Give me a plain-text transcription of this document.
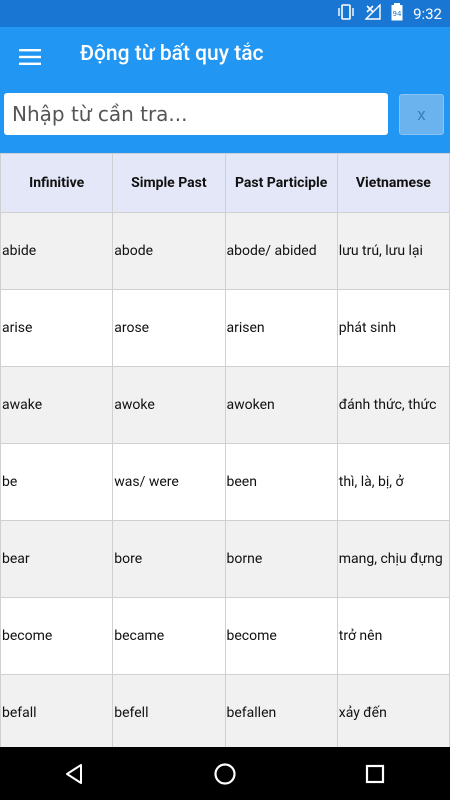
94 9:32
Động từ bất quy tắc
Nhập từ cần tra...
x
Infinitive	Simple Past	Past Participle	Vietnamese
abide	abode	abode/ abided	lưu trú, lưu lại
arise	arose	arisen	phát sinh
awake	awoke	awoken	đánh thức, thức
be	was/ were	been	thì, là, bị, ở
bear	bore	borne	mang, chịu đựng
become	became	become	trở nên
befall	befell	befallen	xảy đến
